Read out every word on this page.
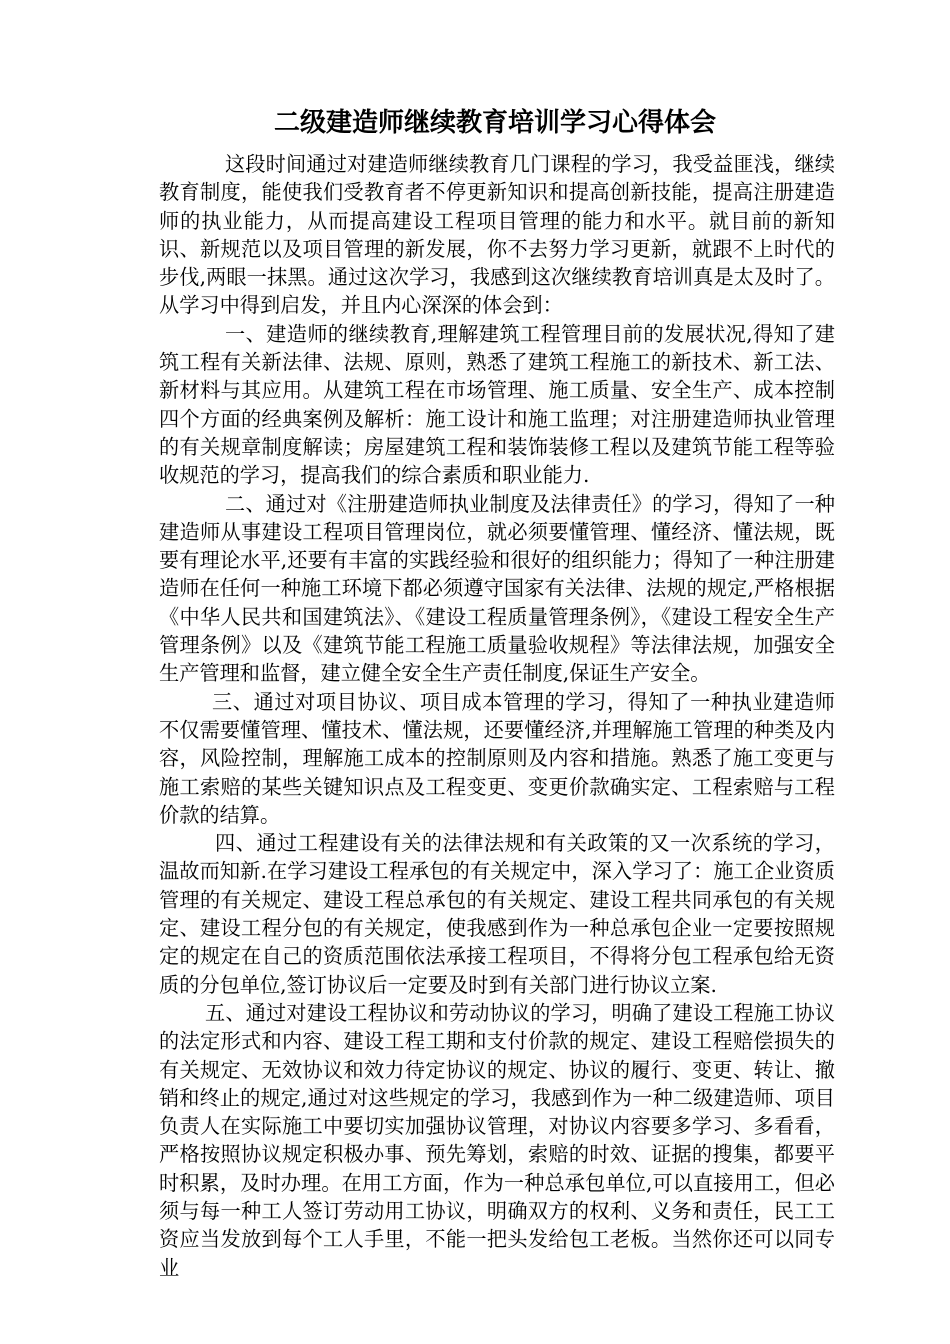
二级建造师继续教育培训学习心得体会

这段时间通过对建造师继续教育几门课程的学习，我受益匪浅，继续教育制度，能使我们受教育者不停更新知识和提高创新技能，提高注册建造师的执业能力，从而提高建设工程项目管理的能力和水平。就目前的新知识、新规范以及项目管理的新发展，你不去努力学习更新，就跟不上时代的步伐,两眼一抹黑。通过这次学习，我感到这次继续教育培训真是太及时了。从学习中得到启发，并且内心深深的体会到：

一、建造师的继续教育,理解建筑工程管理目前的发展状况,得知了建筑工程有关新法律、法规、原则，熟悉了建筑工程施工的新技术、新工法、新材料与其应用。从建筑工程在市场管理、施工质量、安全生产、成本控制四个方面的经典案例及解析：施工设计和施工监理；对注册建造师执业管理的有关规章制度解读；房屋建筑工程和装饰装修工程以及建筑节能工程等验收规范的学习，提高我们的综合素质和职业能力.

二、通过对《注册建造师执业制度及法律责任》的学习，得知了一种建造师从事建设工程项目管理岗位，就必须要懂管理、懂经济、懂法规，既要有理论水平,还要有丰富的实践经验和很好的组织能力；得知了一种注册建造师在任何一种施工环境下都必须遵守国家有关法律、法规的规定,严格根据《中华人民共和国建筑法》、《建设工程质量管理条例》，《建设工程安全生产管理条例》以及《建筑节能工程施工质量验收规程》等法律法规，加强安全生产管理和监督，建立健全安全生产责任制度,保证生产安全。

三、通过对项目协议、项目成本管理的学习，得知了一种执业建造师不仅需要懂管理、懂技术、懂法规，还要懂经济,并理解施工管理的种类及内容，风险控制，理解施工成本的控制原则及内容和措施。熟悉了施工变更与施工索赔的某些关键知识点及工程变更、变更价款确实定、工程索赔与工程价款的结算。

四、通过工程建设有关的法律法规和有关政策的又一次系统的学习，温故而知新.在学习建设工程承包的有关规定中，深入学习了：施工企业资质管理的有关规定、建设工程总承包的有关规定、建设工程共同承包的有关规定、建设工程分包的有关规定，使我感到作为一种总承包企业一定要按照规定的规定在自己的资质范围依法承接工程项目，不得将分包工程承包给无资质的分包单位,签订协议后一定要及时到有关部门进行协议立案.

五、通过对建设工程协议和劳动协议的学习，明确了建设工程施工协议的法定形式和内容、建设工程工期和支付价款的规定、建设工程赔偿损失的有关规定、无效协议和效力待定协议的规定、协议的履行、变更、转让、撤销和终止的规定,通过对这些规定的学习，我感到作为一种二级建造师、项目负责人在实际施工中要切实加强协议管理，对协议内容要多学习、多看看，严格按照协议规定积极办事、预先筹划，索赔的时效、证据的搜集，都要平时积累，及时办理。在用工方面，作为一种总承包单位,可以直接用工，但必须与每一种工人签订劳动用工协议，明确双方的权利、义务和责任，民工工资应当发放到每个工人手里，不能一把头发给包工老板。当然你还可以同专业
